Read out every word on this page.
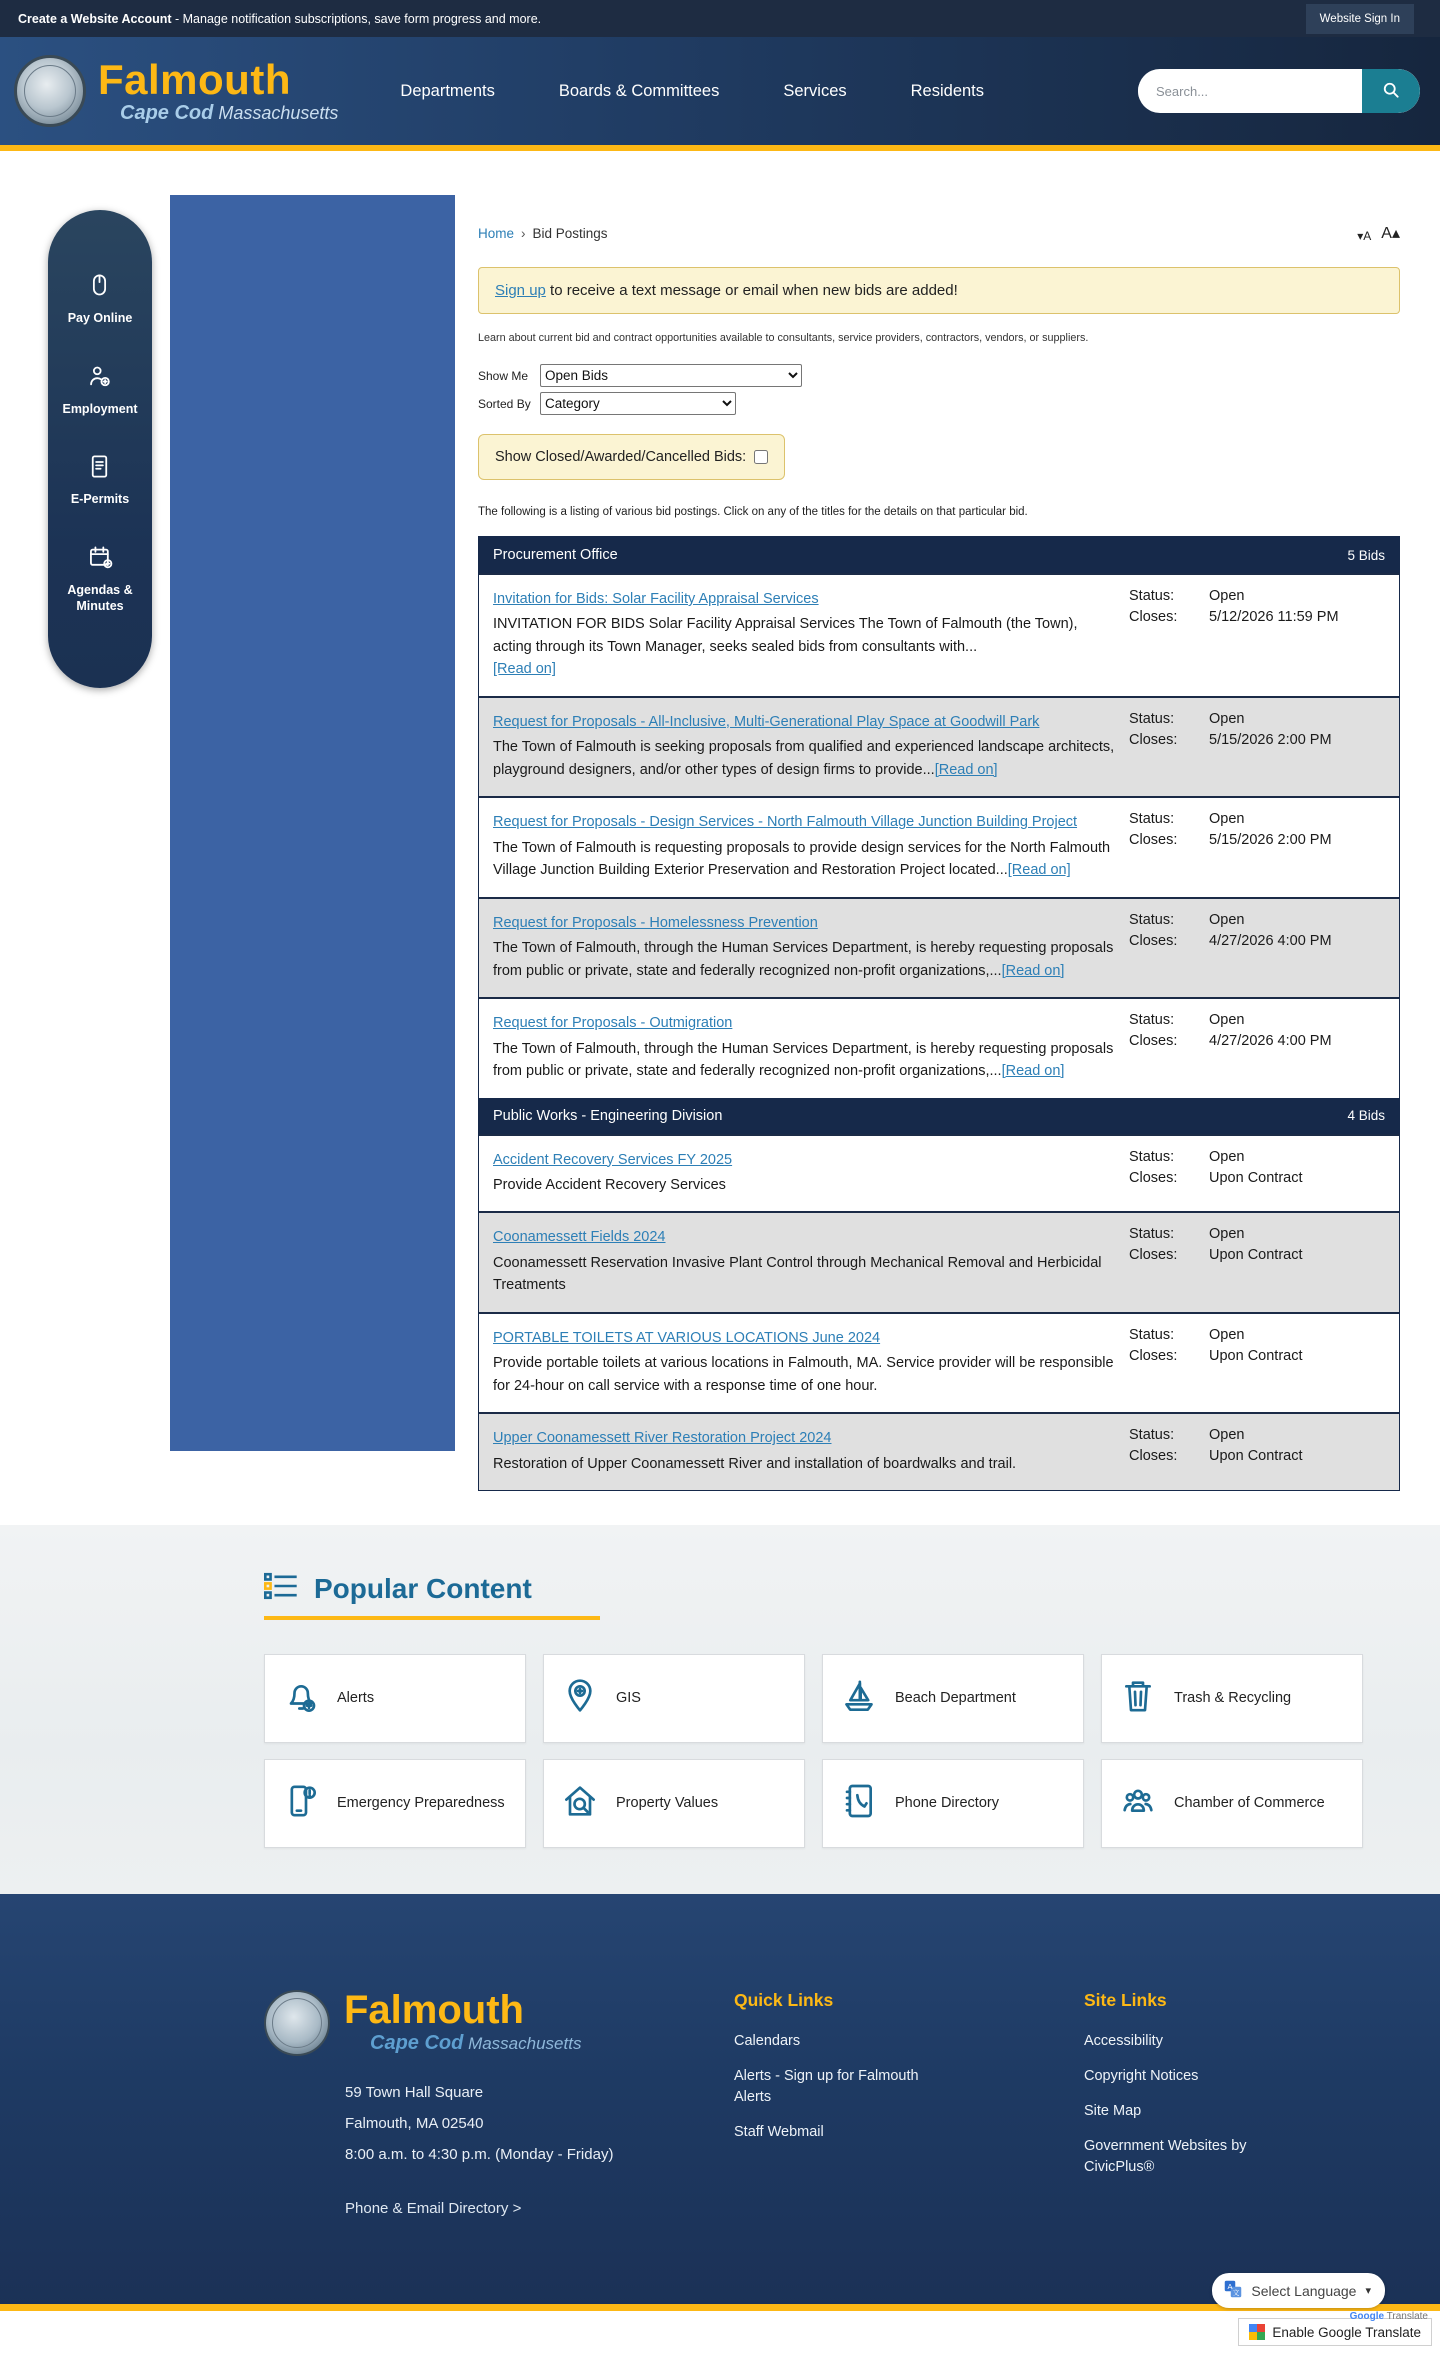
Create a Website Account - Manage notification subscriptions, save form progress and more.	Website Sign In
Falmouth
Cape Cod Massachusetts
Departments	Boards & Committees	Services	Residents
Search...
Pay Online
Employment
E-Permits
Agendas & Minutes
Home › Bid Postings	▾A A▴
Sign up to receive a text message or email when new bids are added!

Learn about current bid and contract opportunities available to consultants, service providers, contractors, vendors, or suppliers.

Show Me
Open Bids
Sorted By
Category
Show Closed/Awarded/Cancelled Bids:

The following is a listing of various bid postings. Click on any of the titles for the details on that particular bid.

Procurement Office	5 Bids
Invitation for Bids: Solar Facility Appraisal Services
INVITATION FOR BIDS Solar Facility Appraisal Services The Town of Falmouth (the Town), acting through its Town Manager, seeks sealed bids from consultants with...
[Read on]
Status:	Open
Closes:	5/12/2026 11:59 PM
Request for Proposals - All-Inclusive, Multi-Generational Play Space at Goodwill Park
The Town of Falmouth is seeking proposals from qualified and experienced landscape architects, playground designers, and/or other types of design firms to provide...[Read on]
Status:	Open
Closes:	5/15/2026 2:00 PM
Request for Proposals - Design Services - North Falmouth Village Junction Building Project
The Town of Falmouth is requesting proposals to provide design services for the North Falmouth Village Junction Building Exterior Preservation and Restoration Project located...[Read on]
Status:	Open
Closes:	5/15/2026 2:00 PM
Request for Proposals - Homelessness Prevention
The Town of Falmouth, through the Human Services Department, is hereby requesting proposals from public or private, state and federally recognized non-profit organizations,...[Read on]
Status:	Open
Closes:	4/27/2026 4:00 PM
Request for Proposals - Outmigration
The Town of Falmouth, through the Human Services Department, is hereby requesting proposals from public or private, state and federally recognized non-profit organizations,...[Read on]
Status:	Open
Closes:	4/27/2026 4:00 PM
Public Works - Engineering Division	4 Bids
Accident Recovery Services FY 2025
Provide Accident Recovery Services
Status:	Open
Closes:	Upon Contract
Coonamessett Fields 2024
Coonamessett Reservation Invasive Plant Control through Mechanical Removal and Herbicidal Treatments
Status:	Open
Closes:	Upon Contract
PORTABLE TOILETS AT VARIOUS LOCATIONS June 2024
Provide portable toilets at various locations in Falmouth, MA. Service provider will be responsible for 24-hour on call service with a response time of one hour.
Status:	Open
Closes:	Upon Contract
Upper Coonamessett River Restoration Project 2024
Restoration of Upper Coonamessett River and installation of boardwalks and trail.
Status:	Open
Closes:	Upon Contract
Popular Content
Alerts	GIS	Beach Department	Trash & Recycling
Emergency Preparedness	Property Values	Phone Directory	Chamber of Commerce
Falmouth
Cape Cod Massachusetts
59 Town Hall Square
Falmouth, MA 02540
8:00 a.m. to 4:30 p.m. (Monday - Friday)
Phone & Email Directory >
Quick Links
Calendars
Alerts - Sign up for Falmouth Alerts
Staff Webmail
Site Links
Accessibility
Copyright Notices
Site Map
Government Websites by CivicPlus®
A
文 Select Language ▾
Google Translate
Enable Google Translate
